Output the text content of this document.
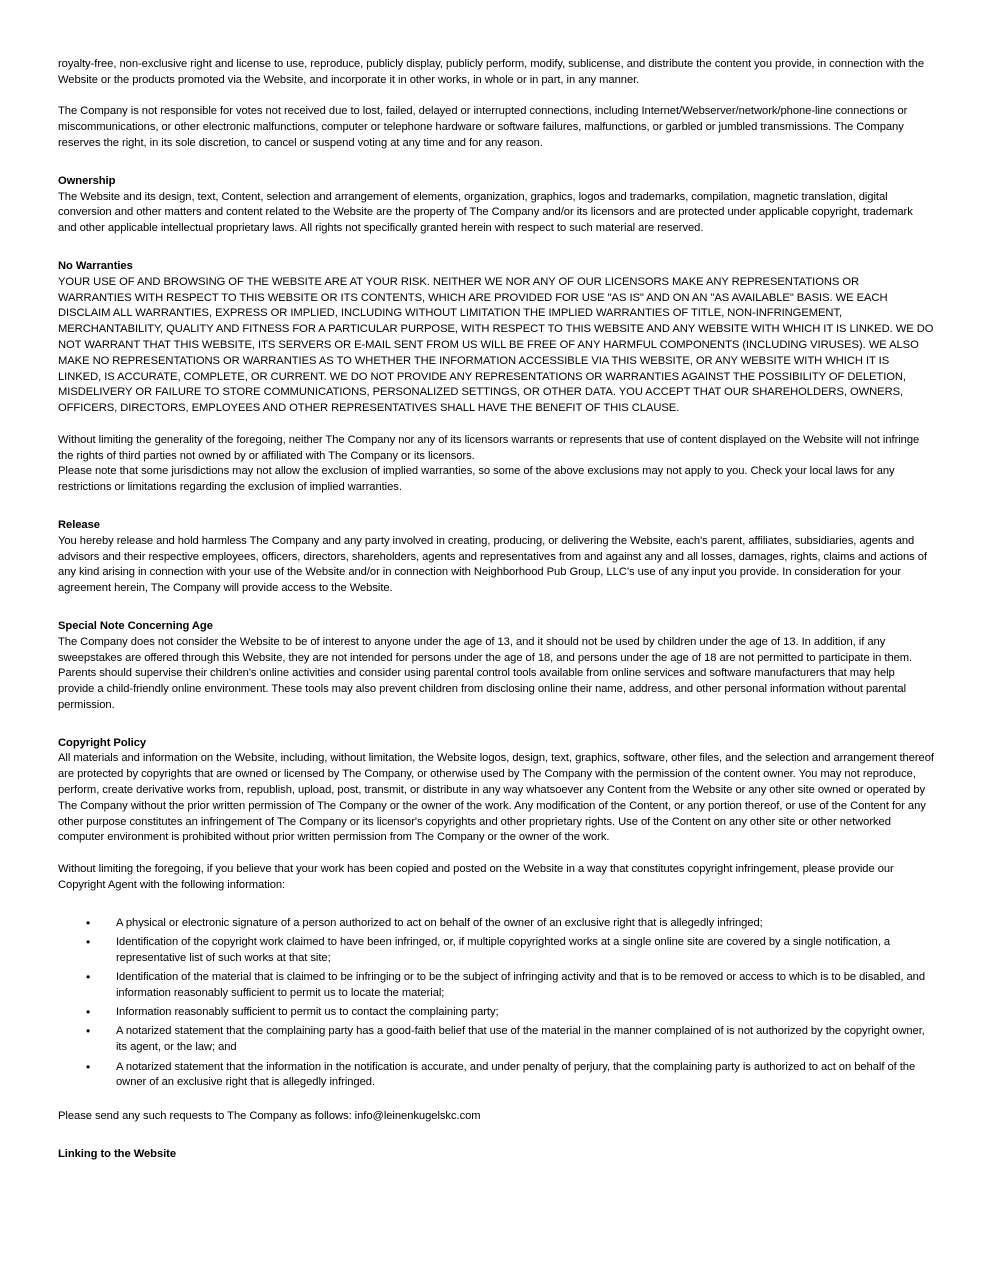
royalty-free, non-exclusive right and license to use, reproduce, publicly display, publicly perform, modify, sublicense, and distribute the content you provide, in connection with the Website or the products promoted via the Website, and incorporate it in other works, in whole or in part, in any manner.

The Company is not responsible for votes not received due to lost, failed, delayed or interrupted connections, including Internet/Webserver/network/phone-line connections or miscommunications, or other electronic malfunctions, computer or telephone hardware or software failures, malfunctions, or garbled or jumbled transmissions. The Company reserves the right, in its sole discretion, to cancel or suspend voting at any time and for any reason.

Ownership

The Website and its design, text, Content, selection and arrangement of elements, organization, graphics, logos and trademarks, compilation, magnetic translation, digital conversion and other matters and content related to the Website are the property of The Company and/or its licensors and are protected under applicable copyright, trademark and other applicable intellectual proprietary laws. All rights not specifically granted herein with respect to such material are reserved.

No Warranties

YOUR USE OF AND BROWSING OF THE WEBSITE ARE AT YOUR RISK. NEITHER WE NOR ANY OF OUR LICENSORS MAKE ANY REPRESENTATIONS OR WARRANTIES WITH RESPECT TO THIS WEBSITE OR ITS CONTENTS, WHICH ARE PROVIDED FOR USE "AS IS" AND ON AN "AS AVAILABLE" BASIS. WE EACH DISCLAIM ALL WARRANTIES, EXPRESS OR IMPLIED, INCLUDING WITHOUT LIMITATION THE IMPLIED WARRANTIES OF TITLE, NON-INFRINGEMENT, MERCHANTABILITY, QUALITY AND FITNESS FOR A PARTICULAR PURPOSE, WITH RESPECT TO THIS WEBSITE AND ANY WEBSITE WITH WHICH IT IS LINKED. WE DO NOT WARRANT THAT THIS WEBSITE, ITS SERVERS OR E-MAIL SENT FROM US WILL BE FREE OF ANY HARMFUL COMPONENTS (INCLUDING VIRUSES). WE ALSO MAKE NO REPRESENTATIONS OR WARRANTIES AS TO WHETHER THE INFORMATION ACCESSIBLE VIA THIS WEBSITE, OR ANY WEBSITE WITH WHICH IT IS LINKED, IS ACCURATE, COMPLETE, OR CURRENT. WE DO NOT PROVIDE ANY REPRESENTATIONS OR WARRANTIES AGAINST THE POSSIBILITY OF DELETION, MISDELIVERY OR FAILURE TO STORE COMMUNICATIONS, PERSONALIZED SETTINGS, OR OTHER DATA. YOU ACCEPT THAT OUR SHAREHOLDERS, OWNERS, OFFICERS, DIRECTORS, EMPLOYEES AND OTHER REPRESENTATIVES SHALL HAVE THE BENEFIT OF THIS CLAUSE.

Without limiting the generality of the foregoing, neither The Company nor any of its licensors warrants or represents that use of content displayed on the Website will not infringe the rights of third parties not owned by or affiliated with The Company or its licensors.

Please note that some jurisdictions may not allow the exclusion of implied warranties, so some of the above exclusions may not apply to you. Check your local laws for any restrictions or limitations regarding the exclusion of implied warranties.

Release

You hereby release and hold harmless The Company and any party involved in creating, producing, or delivering the Website, each's parent, affiliates, subsidiaries, agents and advisors and their respective employees, officers, directors, shareholders, agents and representatives from and against any and all losses, damages, rights, claims and actions of any kind arising in connection with your use of the Website and/or in connection with Neighborhood Pub Group, LLC’s use of any input you provide. In consideration for your agreement herein, The Company will provide access to the Website.

Special Note Concerning Age

The Company does not consider the Website to be of interest to anyone under the age of 13, and it should not be used by children under the age of 13. In addition, if any sweepstakes are offered through this Website, they are not intended for persons under the age of 18, and persons under the age of 18 are not permitted to participate in them. Parents should supervise their children's online activities and consider using parental control tools available from online services and software manufacturers that may help provide a child-friendly online environment. These tools may also prevent children from disclosing online their name, address, and other personal information without parental permission.

Copyright Policy

All materials and information on the Website, including, without limitation, the Website logos, design, text, graphics, software, other files, and the selection and arrangement thereof are protected by copyrights that are owned or licensed by The Company, or otherwise used by The Company with the permission of the content owner. You may not reproduce, perform, create derivative works from, republish, upload, post, transmit, or distribute in any way whatsoever any Content from the Website or any other site owned or operated by The Company without the prior written permission of The Company or the owner of the work. Any modification of the Content, or any portion thereof, or use of the Content for any other purpose constitutes an infringement of The Company or its licensor's copyrights and other proprietary rights. Use of the Content on any other site or other networked computer environment is prohibited without prior written permission from The Company or the owner of the work.

Without limiting the foregoing, if you believe that your work has been copied and posted on the Website in a way that constitutes copyright infringement, please provide our Copyright Agent with the following information:

• A physical or electronic signature of a person authorized to act on behalf of the owner of an exclusive right that is allegedly infringed;
• Identification of the copyright work claimed to have been infringed, or, if multiple copyrighted works at a single online site are covered by a single notification, a representative list of such works at that site;
• Identification of the material that is claimed to be infringing or to be the subject of infringing activity and that is to be removed or access to which is to be disabled, and information reasonably sufficient to permit us to locate the material;
• Information reasonably sufficient to permit us to contact the complaining party;
• A notarized statement that the complaining party has a good-faith belief that use of the material in the manner complained of is not authorized by the copyright owner, its agent, or the law; and
• A notarized statement that the information in the notification is accurate, and under penalty of perjury, that the complaining party is authorized to act on behalf of the owner of an exclusive right that is allegedly infringed.

Please send any such requests to The Company as follows: info@leinenkugelskc.com

Linking to the Website
